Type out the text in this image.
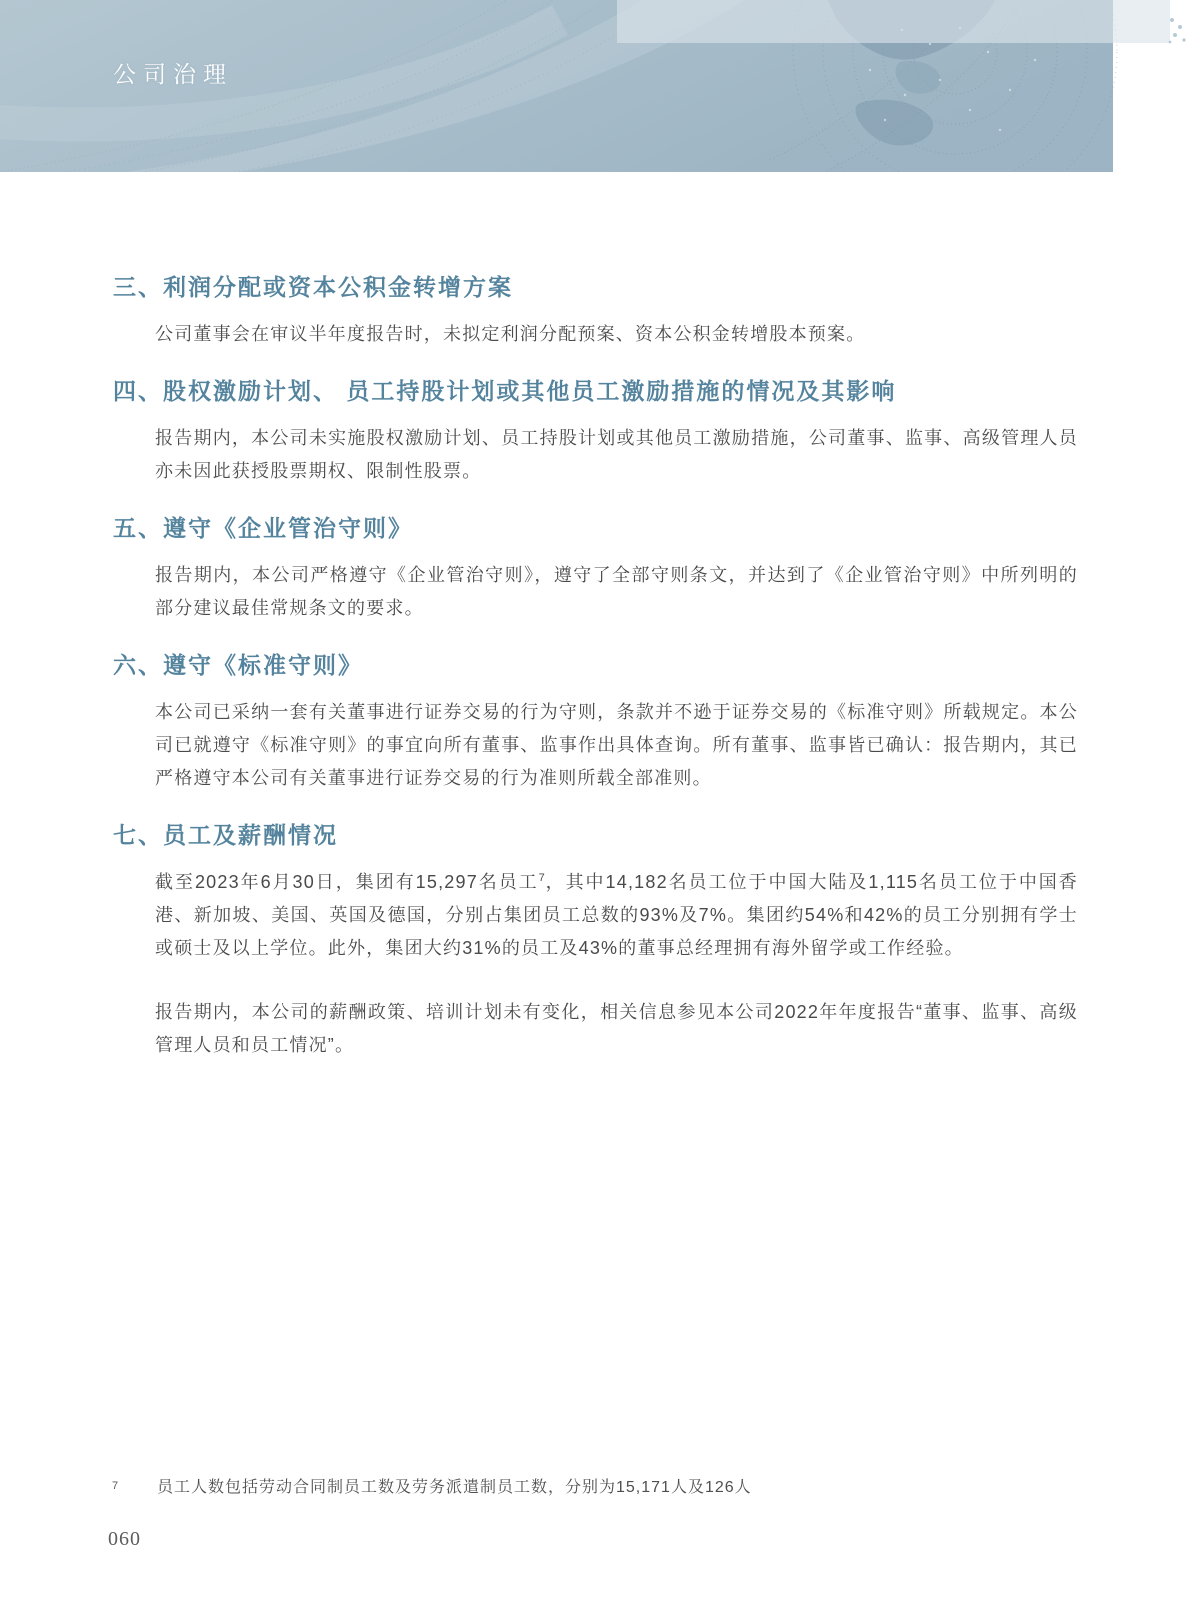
公司治理
三、利润分配或资本公积金转增方案

公司董事会在审议半年度报告时，未拟定利润分配预案、资本公积金转增股本预案。

四、股权激励计划、 员工持股计划或其他员工激励措施的情况及其影响

报告期内，本公司未实施股权激励计划、员工持股计划或其他员工激励措施，公司董事、监事、高级管理人员亦未因此获授股票期权、限制性股票。

五、遵守《企业管治守则》

报告期内，本公司严格遵守《企业管治守则》，遵守了全部守则条文，并达到了《企业管治守则》中所列明的部分建议最佳常规条文的要求。

六、遵守《标准守则》

本公司已采纳一套有关董事进行证券交易的行为守则，条款并不逊于证券交易的《标准守则》所载规定。本公司已就遵守《标准守则》的事宜向所有董事、监事作出具体查询。所有董事、监事皆已确认：报告期内，其已严格遵守本公司有关董事进行证券交易的行为准则所载全部准则。

七、员工及薪酬情况

截至2023年6月30日，集团有15,297名员工$^7$，其中14,182名员工位于中国大陆及1,115名员工位于中国香港、新加坡、美国、英国及德国，分别占集团员工总数的93%及7%。集团约54%和42%的员工分别拥有学士或硕士及以上学位。此外，集团大约31%的员工及43%的董事总经理拥有海外留学或工作经验。

报告期内，本公司的薪酬政策、培训计划未有变化，相关信息参见本公司2022年年度报告“董事、监事、高级管理人员和员工情况”。

7	员工人数包括劳动合同制员工数及劳务派遣制员工数，分别为15,171人及126人
060
